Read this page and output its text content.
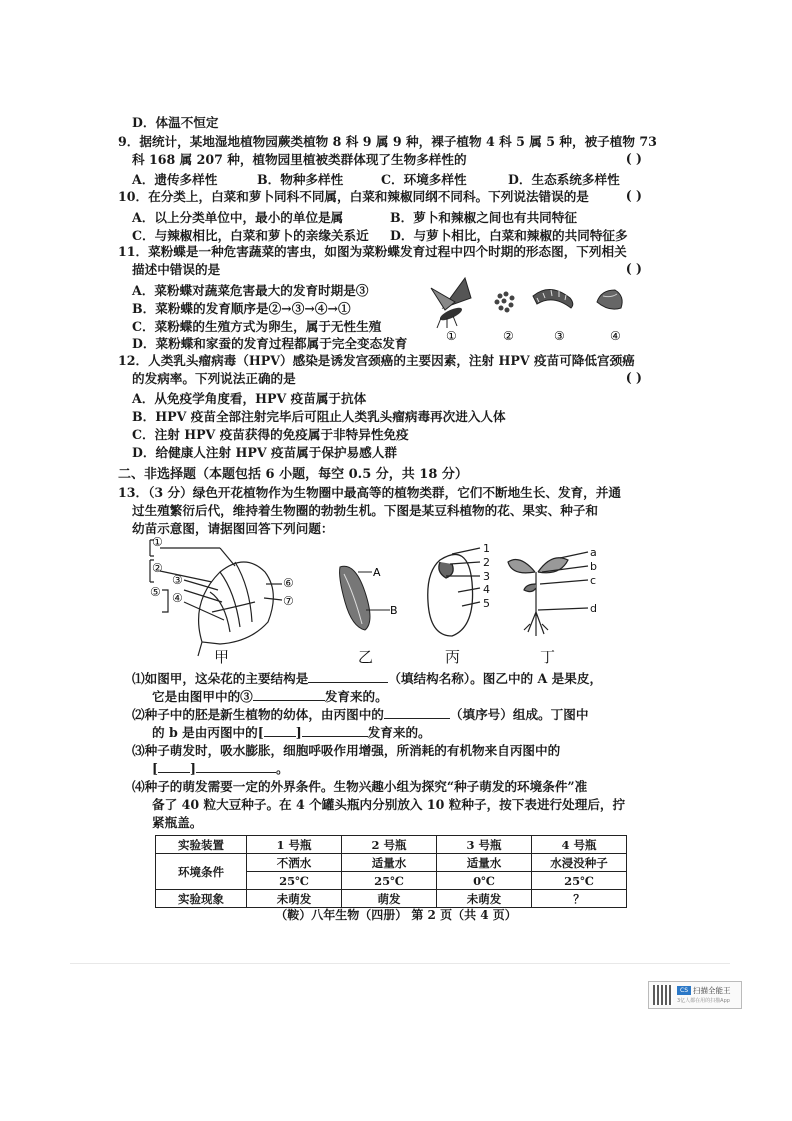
D．体温不恒定
9．据统计，某地湿地植物园蕨类植物 8 科 9 属 9 种，裸子植物 4 科 5 属 5 种，被子植物 73
科 168 属 207 种，植物园里植被类群体现了生物多样性的	( )
A．遗传多样性	B．物种多样性	C．环境多样性	D．生态系统多样性
10．在分类上，白菜和萝卜同科不同属，白菜和辣椒同纲不同科。下列说法错误的是	( )
A．以上分类单位中，最小的单位是属	B．萝卜和辣椒之间也有共同特征
C．与辣椒相比，白菜和萝卜的亲缘关系近 D．与萝卜相比，白菜和辣椒的共同特征多
11．菜粉蝶是一种危害蔬菜的害虫，如图为菜粉蝶发育过程中四个时期的形态图，下列相关
描述中错误的是	( )
A．菜粉蝶对蔬菜危害最大的发育时期是③
B．菜粉蝶的发育顺序是②→③→④→①
C．菜粉蝶的生殖方式为卵生，属于无性生殖
D．菜粉蝶和家蚕的发育过程都属于完全变态发育	①	②	③	④
12．人类乳头瘤病毒（HPV）感染是诱发宫颈癌的主要因素，注射 HPV 疫苗可降低宫颈癌
的发病率。下列说法正确的是	( )
A．从免疫学角度看，HPV 疫苗属于抗体
B．HPV 疫苗全部注射完毕后可阻止人类乳头瘤病毒再次进入人体
C．注射 HPV 疫苗获得的免疫属于非特异性免疫
D．给健康人注射 HPV 疫苗属于保护易感人群
二、非选择题（本题包括 6 小题，每空 0.5 分，共 18 分）
13．（3 分）绿色开花植物作为生物圈中最高等的植物类群，它们不断地生长、发育，并通
过生殖繁衍后代，维持着生物圈的勃勃生机。下图是某豆科植物的花、果实、种子和
幼苗示意图，请据图回答下列问题：
①
②
③
④
⑤
⑥
⑦
A
B
1
2
3
4
5
a
b
c
d
甲	乙	丙	丁
⑴如图甲，这朵花的主要结构是	（填结构名称）。图乙中的 A 是果皮，
它是由图甲中的③	发育来的。
⑵种子中的胚是新生植物的幼体，由丙图中的	（填序号）组成。丁图中
的 b 是由丙图中的[	]	发育来的。
⑶种子萌发时，吸水膨胀，细胞呼吸作用增强，所消耗的有机物来自丙图中的
[	]	。
⑷种子的萌发需要一定的外界条件。生物兴趣小组为探究“种子萌发的环境条件”准
备了 40 粒大豆种子。在 4 个罐头瓶内分别放入 10 粒种子，按下表进行处理后，拧
紧瓶盖。
实验装置	1 号瓶	2 号瓶	3 号瓶	4 号瓶
环境条件	不洒水	适量水	适量水	水浸没种子
	25℃	25℃	0℃	25℃
实验现象	未萌发	萌发	未萌发	？
（鞍）八年生物（四册） 第 2 页（共 4 页）
CS 扫描全能王
3亿人都在用的扫描App
